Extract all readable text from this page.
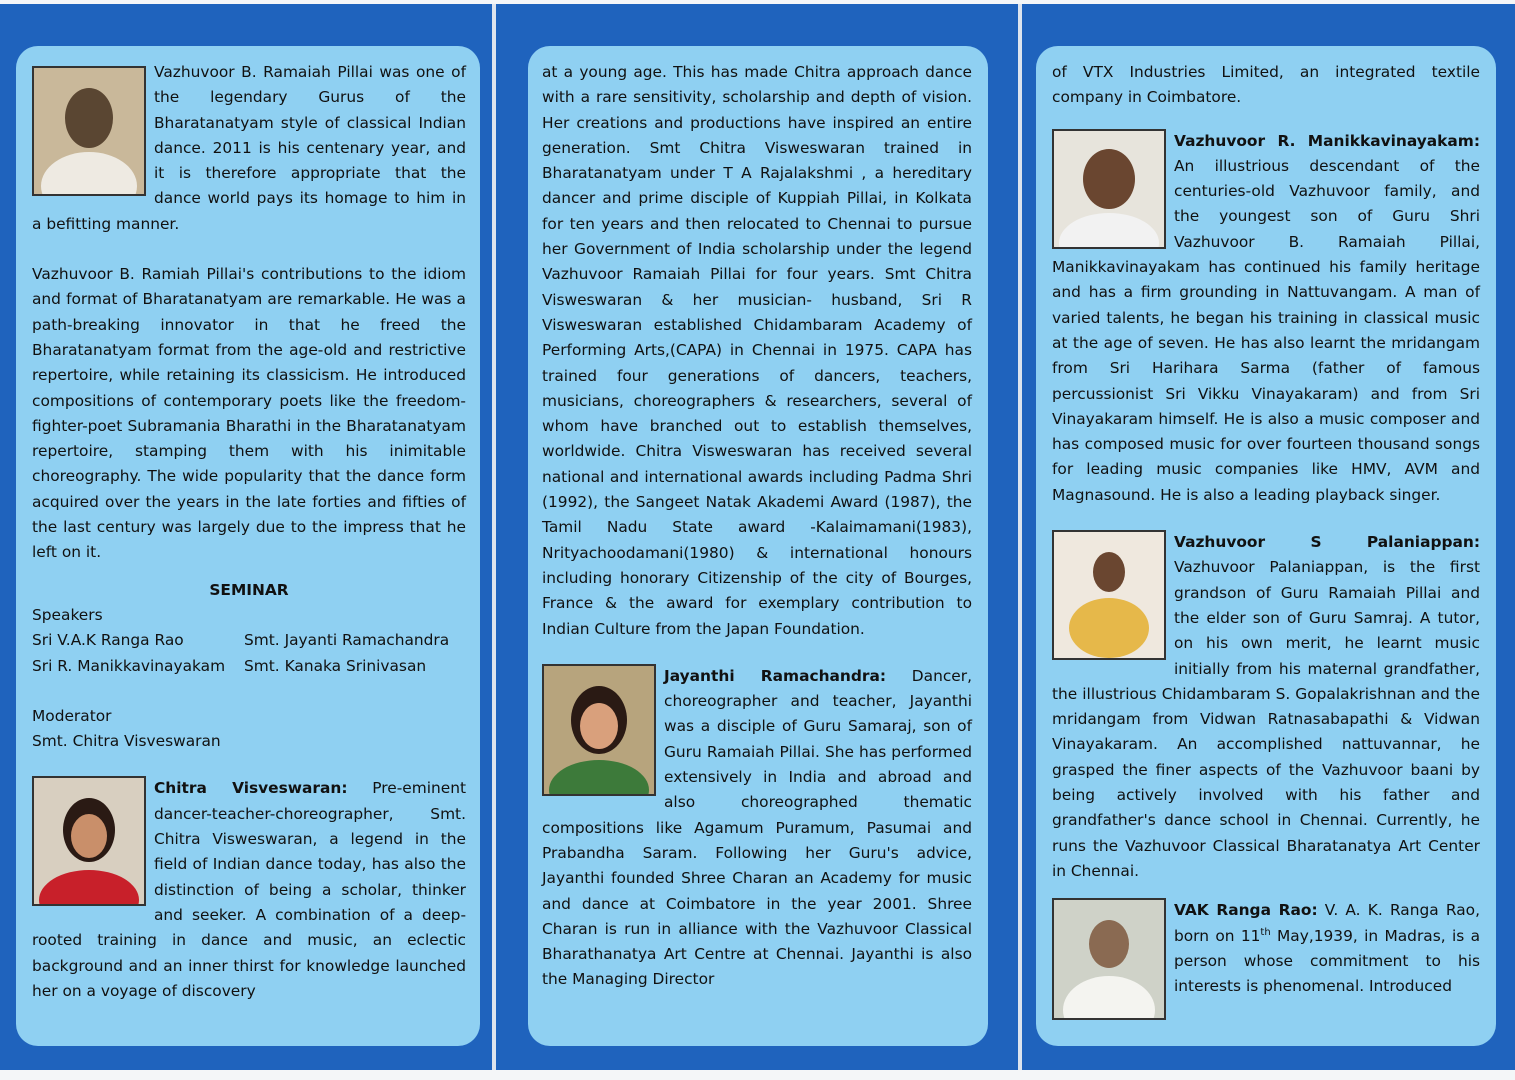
Vazhuvoor B. Ramaiah Pillai was one of the legendary Gurus of the Bharatanatyam style of classical Indian dance. 2011 is his centenary year, and it is therefore appropriate that the dance world pays its homage to him in a befitting manner.

Vazhuvoor B. Ramiah Pillai's contributions to the idiom and format of Bharatanatyam are remarkable. He was a path-breaking innovator in that he freed the Bharatanatyam format from the age-old and restrictive repertoire, while retaining its classicism. He introduced compositions of contemporary poets like the freedom-fighter-poet Subramania Bharathi in the Bharatanatyam repertoire, stamping them with his inimitable choreography. The wide popularity that the dance form acquired over the years in the late forties and fifties of the last century was largely due to the impress that he left on it.

SEMINAR
Speakers
Sri V.A.K Ranga Rao	Smt. Jayanti Ramachandra
Sri R. Manikkavinayakam	Smt. Kanaka Srinivasan
Moderator
Smt. Chitra Visveswaran

Chitra Visveswaran: Pre-eminent dancer-teacher-choreographer, Smt. Chitra Visweswaran, a legend in the field of Indian dance today, has also the distinction of being a scholar, thinker and seeker. A combination of a deep-rooted training in dance and music, an eclectic background and an inner thirst for knowledge launched her on a voyage of discovery

at a young age. This has made Chitra approach dance with a rare sensitivity, scholarship and depth of vision. Her creations and productions have inspired an entire generation. Smt Chitra Visweswaran trained in Bharatanatyam under T A Rajalakshmi , a hereditary dancer and prime disciple of Kuppiah Pillai, in Kolkata for ten years and then relocated to Chennai to pursue her Government of India scholarship under the legend Vazhuvoor Ramaiah Pillai for four years. Smt Chitra Visweswaran & her musician- husband, Sri R Visweswaran established Chidambaram Academy of Performing Arts,(CAPA) in Chennai in 1975. CAPA has trained four generations of dancers, teachers, musicians, choreographers & researchers, several of whom have branched out to establish themselves, worldwide. Chitra Visweswaran has received several national and international awards including Padma Shri (1992), the Sangeet Natak Akademi Award (1987), the Tamil Nadu State award -Kalaimamani(1983), Nrityachoodamani(1980) & international honours including honorary Citizenship of the city of Bourges, France & the award for exemplary contribution to Indian Culture from the Japan Foundation.

Jayanthi Ramachandra: Dancer, choreographer and teacher, Jayanthi was a disciple of Guru Samaraj, son of Guru Ramaiah Pillai. She has performed extensively in India and abroad and also choreographed thematic compositions like Agamum Puramum, Pasumai and Prabandha Saram. Following her Guru's advice, Jayanthi founded Shree Charan an Academy for music and dance at Coimbatore in the year 2001. Shree Charan is run in alliance with the Vazhuvoor Classical Bharathanatya Art Centre at Chennai. Jayanthi is also the Managing Director

of VTX Industries Limited, an integrated textile company in Coimbatore.

Vazhuvoor R. Manikkavinayakam: An illustrious descendant of the centuries-old Vazhuvoor family, and the youngest son of Guru Shri Vazhuvoor B. Ramaiah Pillai, Manikkavinayakam has continued his family heritage and has a firm grounding in Nattuvangam. A man of varied talents, he began his training in classical music at the age of seven. He has also learnt the mridangam from Sri Harihara Sarma (father of famous percussionist Sri Vikku Vinayakaram) and from Sri Vinayakaram himself. He is also a music composer and has composed music for over fourteen thousand songs for leading music companies like HMV, AVM and Magnasound. He is also a leading playback singer.

Vazhuvoor S Palaniappan: Vazhuvoor Palaniappan, is the first grandson of Guru Ramaiah Pillai and the elder son of Guru Samraj. A tutor, on his own merit, he learnt music initially from his maternal grandfather, the illustrious Chidambaram S. Gopalakrishnan and the mridangam from Vidwan Ratnasabapathi & Vidwan Vinayakaram. An accomplished nattuvannar, he grasped the finer aspects of the Vazhuvoor baani by being actively involved with his father and grandfather's dance school in Chennai. Currently, he runs the Vazhuvoor Classical Bharatanatya Art Center in Chennai.

VAK Ranga Rao: V. A. K. Ranga Rao, born on 11th May,1939, in Madras, is a person whose commitment to his interests is phenomenal. Introduced
